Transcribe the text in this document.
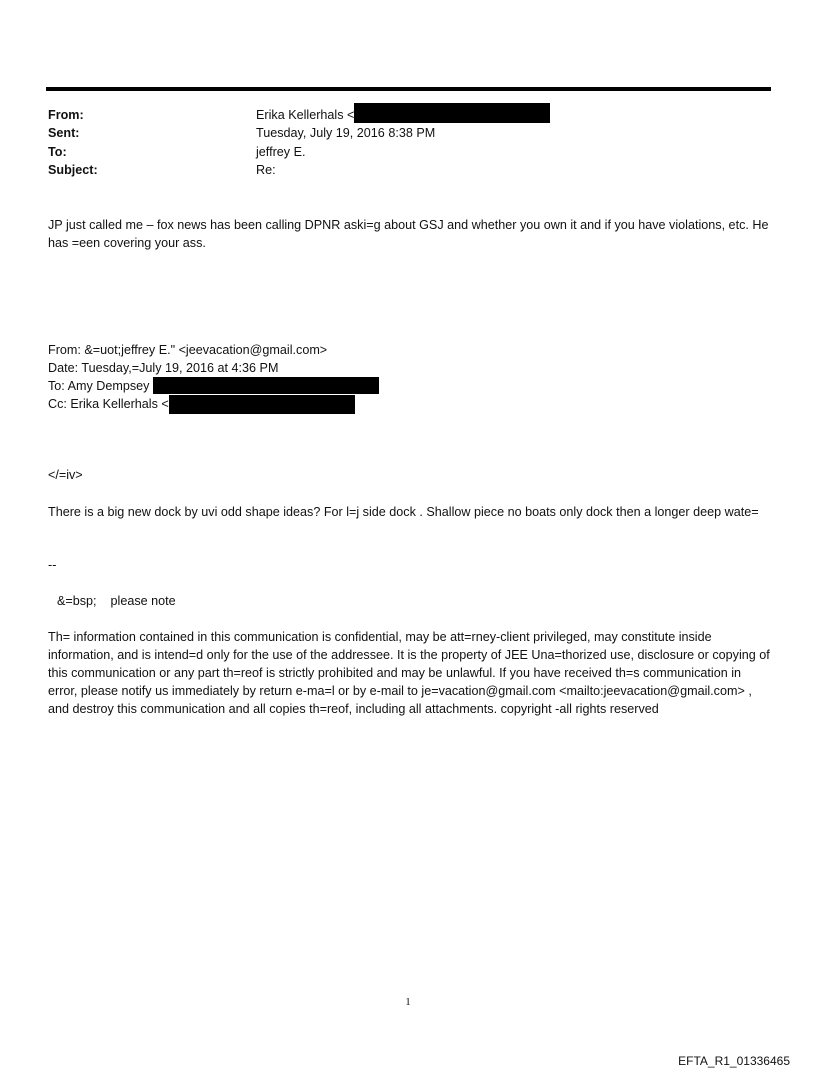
From:	Erika Kellerhals <
Sent:	Tuesday, July 19, 2016 8:38 PM
To:	jeffrey E.
Subject:	Re:
JP just called me – fox news has been calling DPNR aski=g about GSJ and whether you own it and if you have violations, etc. He has =een covering your ass.
From: &=uot;jeffrey E." <jeevacation@gmail.com>
Date: Tuesday,=July 19, 2016 at 4:36 PM
To: Amy Dempsey
Cc: Erika Kellerhals <
</=iv>
There is a big new dock by uvi odd shape ideas? For l=j side dock . Shallow piece no boats only dock then a longer deep wate=
--
&=bsp;    please note
Th= information contained in this communication is confidential, may be att=rney-client privileged, may constitute inside information, and is intend=d only for the use of the addressee. It is the property of JEE Una=thorized use, disclosure or copying of this communication or any part th=reof is strictly prohibited and may be unlawful. If you have received th=s communication in error, please notify us immediately by return e-ma=l or by e-mail to je=vacation@gmail.com <mailto:jeevacation@gmail.com> , and destroy this communication and all copies th=reof, including all attachments. copyright -all rights reserved
1
EFTA_R1_01336465
